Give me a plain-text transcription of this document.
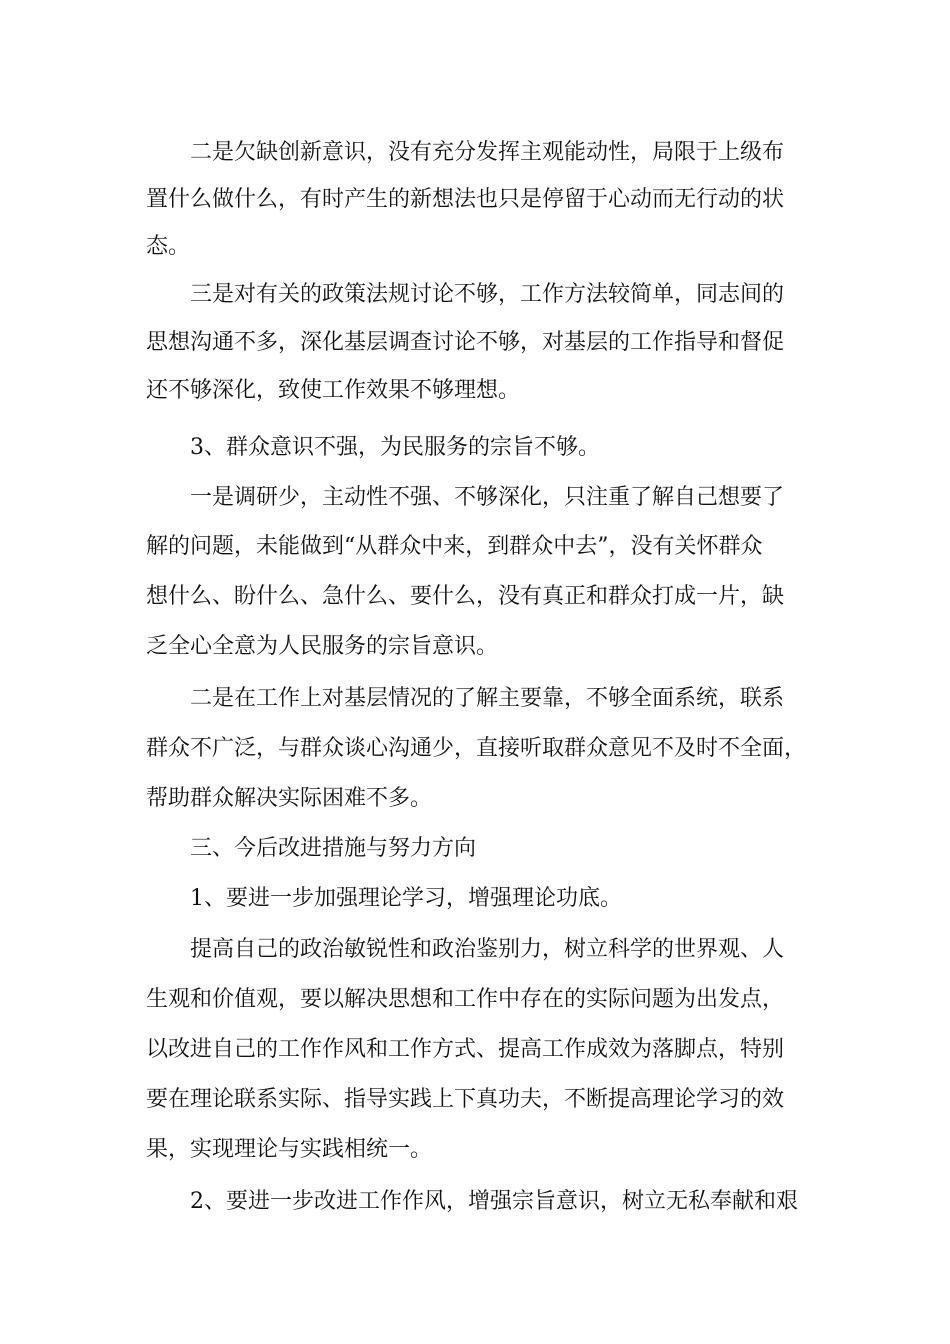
二是欠缺创新意识，没有充分发挥主观能动性，局限于上级布

置什么做什么，有时产生的新想法也只是停留于心动而无行动的状

态。

三是对有关的政策法规讨论不够，工作方法较简单，同志间的

思想沟通不多，深化基层调查讨论不够，对基层的工作指导和督促

还不够深化，致使工作效果不够理想。

3、群众意识不强，为民服务的宗旨不够。

一是调研少，主动性不强、不够深化，只注重了解自己想要了

解的问题，未能做到“从群众中来，到群众中去”，没有关怀群众

想什么、盼什么、急什么、要什么，没有真正和群众打成一片，缺

乏全心全意为人民服务的宗旨意识。

二是在工作上对基层情况的了解主要靠，不够全面系统，联系

群众不广泛，与群众谈心沟通少，直接听取群众意见不及时不全面，

帮助群众解决实际困难不多。

三、今后改进措施与努力方向

1、要进一步加强理论学习，增强理论功底。

提高自己的政治敏锐性和政治鉴别力，树立科学的世界观、人

生观和价值观，要以解决思想和工作中存在的实际问题为出发点，

以改进自己的工作作风和工作方式、提高工作成效为落脚点，特别

要在理论联系实际、指导实践上下真功夫，不断提高理论学习的效

果，实现理论与实践相统一。

2、要进一步改进工作作风，增强宗旨意识，树立无私奉献和艰
